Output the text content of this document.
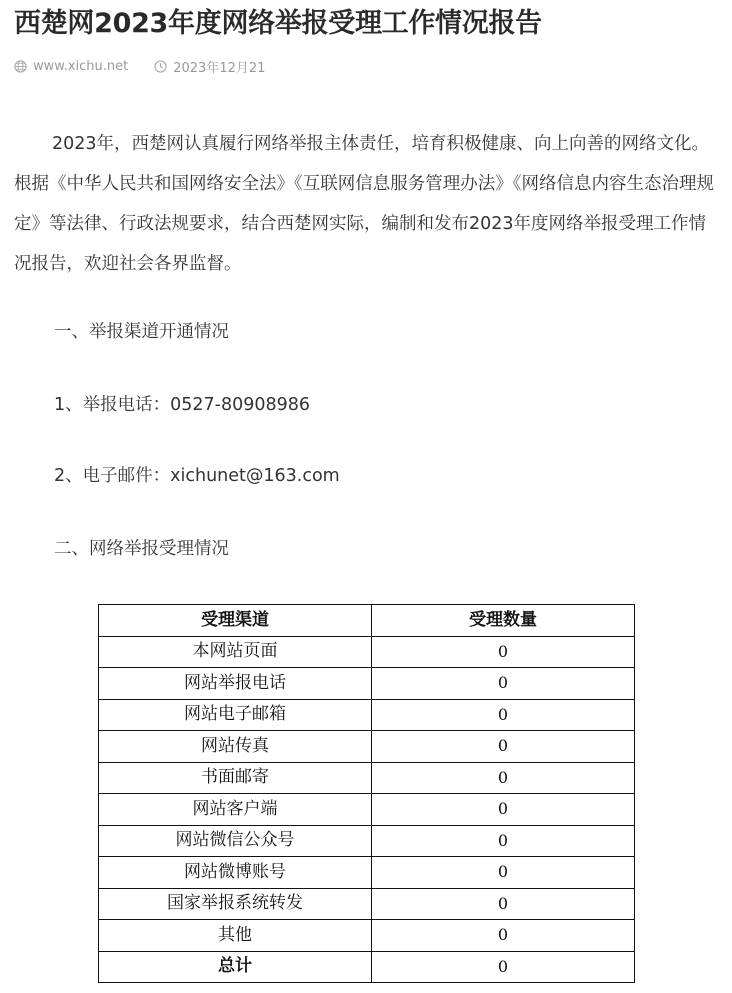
西楚网2023年度网络举报受理工作情况报告
www.xichu.net	2023年12月21

2023年，西楚网认真履行网络举报主体责任，培育积极健康、向上向善的网络文化。根据《中华人民共和国网络安全法》《互联网信息服务管理办法》《网络信息内容生态治理规定》等法律、行政法规要求，结合西楚网实际，编制和发布2023年度网络举报受理工作情况报告，欢迎社会各界监督。

一、举报渠道开通情况
1、举报电话：0527-80908986
2、电子邮件：xichunet@163.com
二、网络举报受理情况
受理渠道	受理数量
本网站页面	0
网站举报电话	0
网站电子邮箱	0
网站传真	0
书面邮寄	0
网站客户端	0
网站微信公众号	0
网站微博账号	0
国家举报系统转发	0
其他	0
总计	0
